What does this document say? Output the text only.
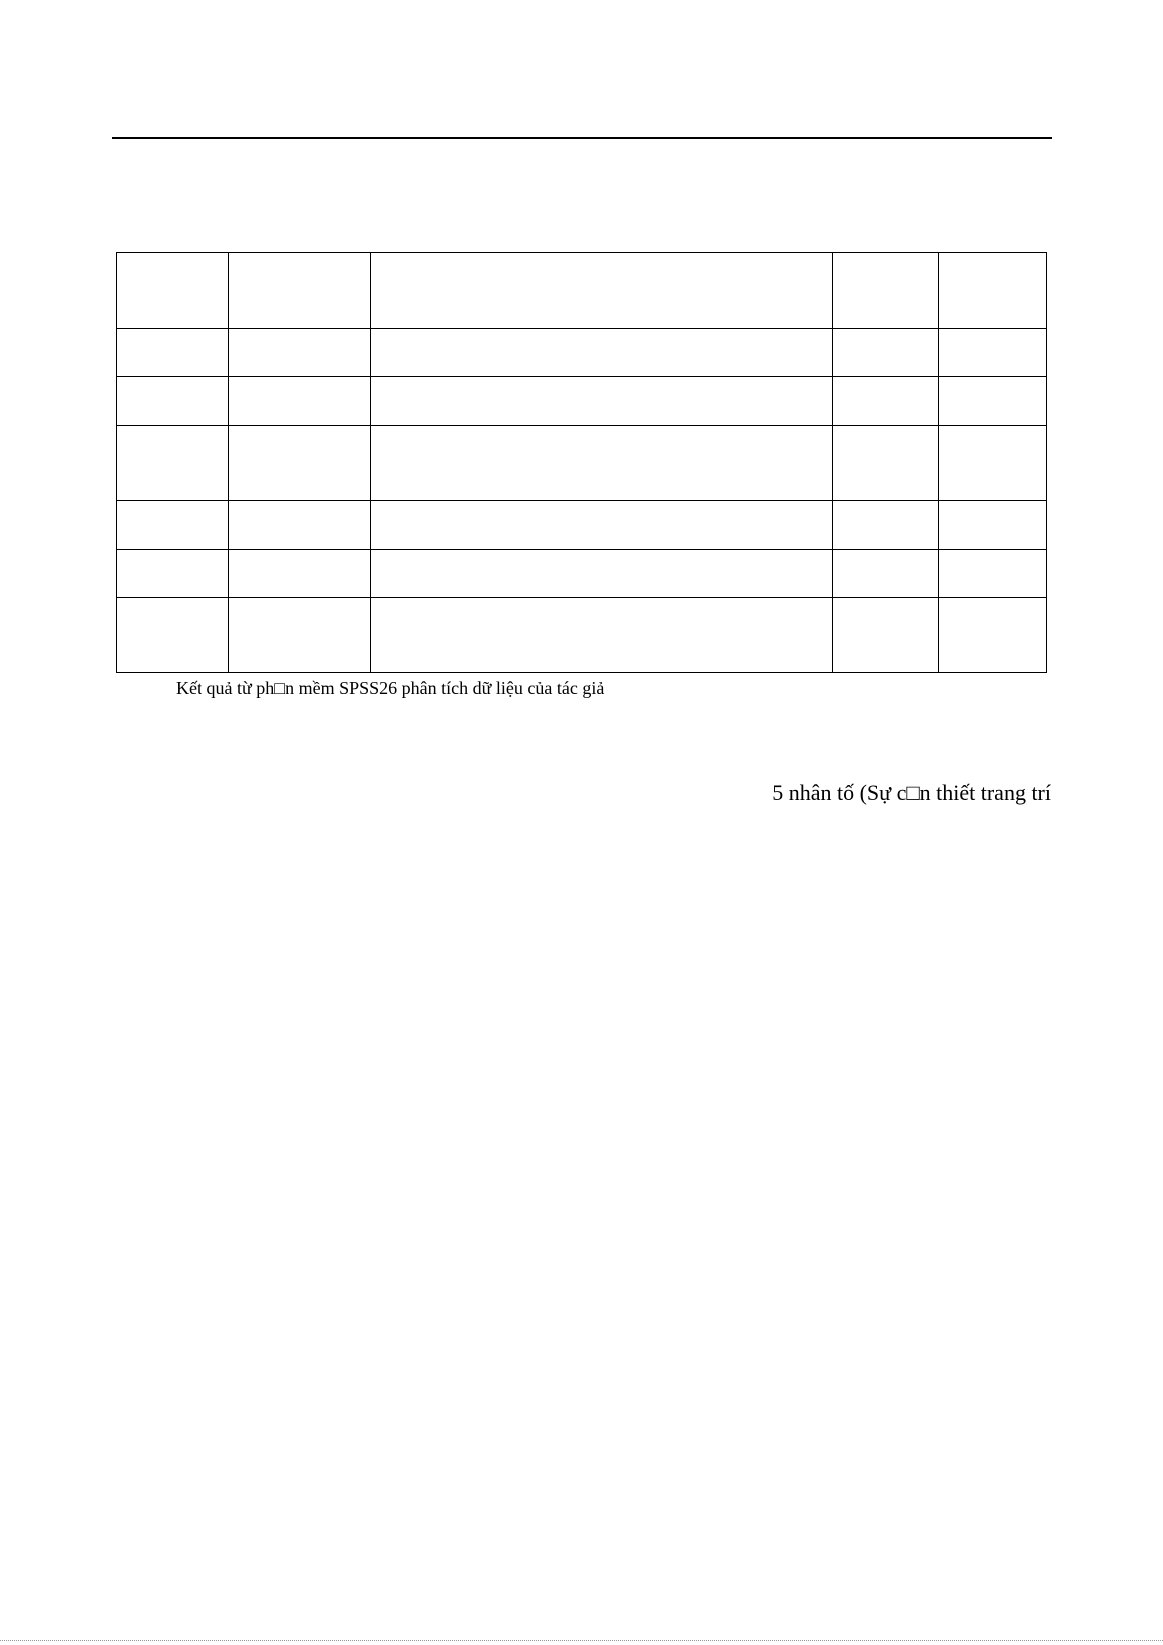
Kết quả từ ph□n mềm SPSS26 phân tích dữ liệu của tác giả
5 nhân tố (Sự c□n thiết trang trí
